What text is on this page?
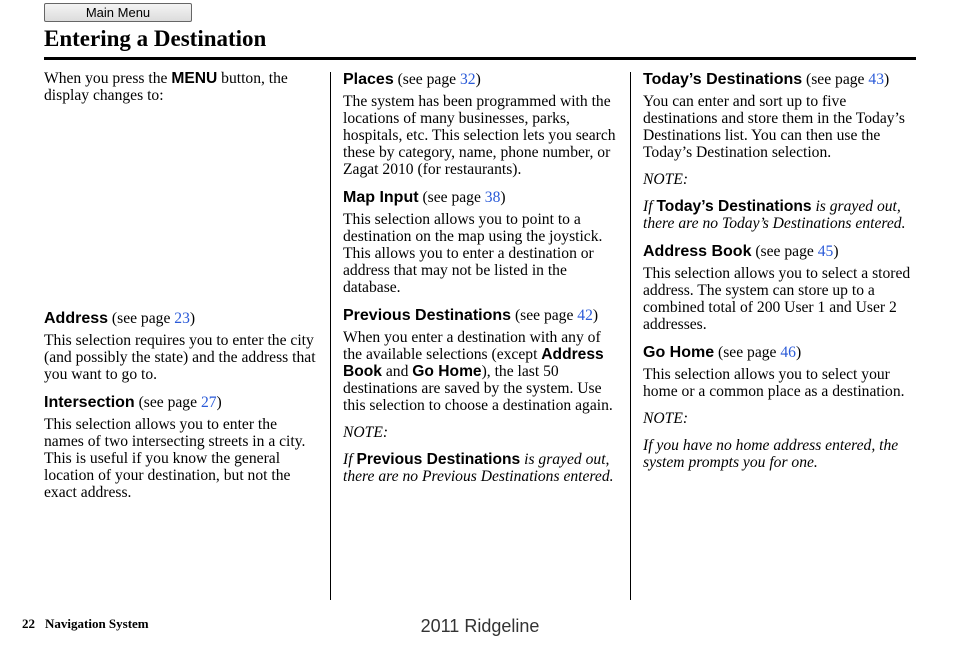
Main Menu
Entering a Destination

When you press the MENU button, the display changes to:

Address (see page 23)

This selection requires you to enter the city (and possibly the state) and the address that you want to go to.

Intersection (see page 27)

This selection allows you to enter the names of two intersecting streets in a city. This is useful if you know the general location of your destination, but not the exact address.

Places (see page 32)

The system has been programmed with the locations of many businesses, parks, hospitals, etc. This selection lets you search these by category, name, phone number, or Zagat 2010 (for restaurants).

Map Input (see page 38)

This selection allows you to point to a destination on the map using the joystick. This allows you to enter a destination or address that may not be listed in the database.

Previous Destinations (see page 42)

When you enter a destination with any of the available selections (except Address Book and Go Home), the last 50 destinations are saved by the system. Use this selection to choose a destination again.

NOTE:

If Previous Destinations is grayed out, there are no Previous Destinations entered.

Today’s Destinations (see page 43)

You can enter and sort up to five destinations and store them in the Today’s Destinations list. You can then use the Today’s Destination selection.

NOTE:

If Today’s Destinations is grayed out, there are no Today’s Destinations entered.

Address Book (see page 45)

This selection allows you to select a stored address. The system can store up to a combined total of 200 User 1 and User 2 addresses.

Go Home (see page 46)

This selection allows you to select your home or a common place as a destination.

NOTE:

If you have no home address entered, the system prompts you for one.

22 Navigation System	2011 Ridgeline
